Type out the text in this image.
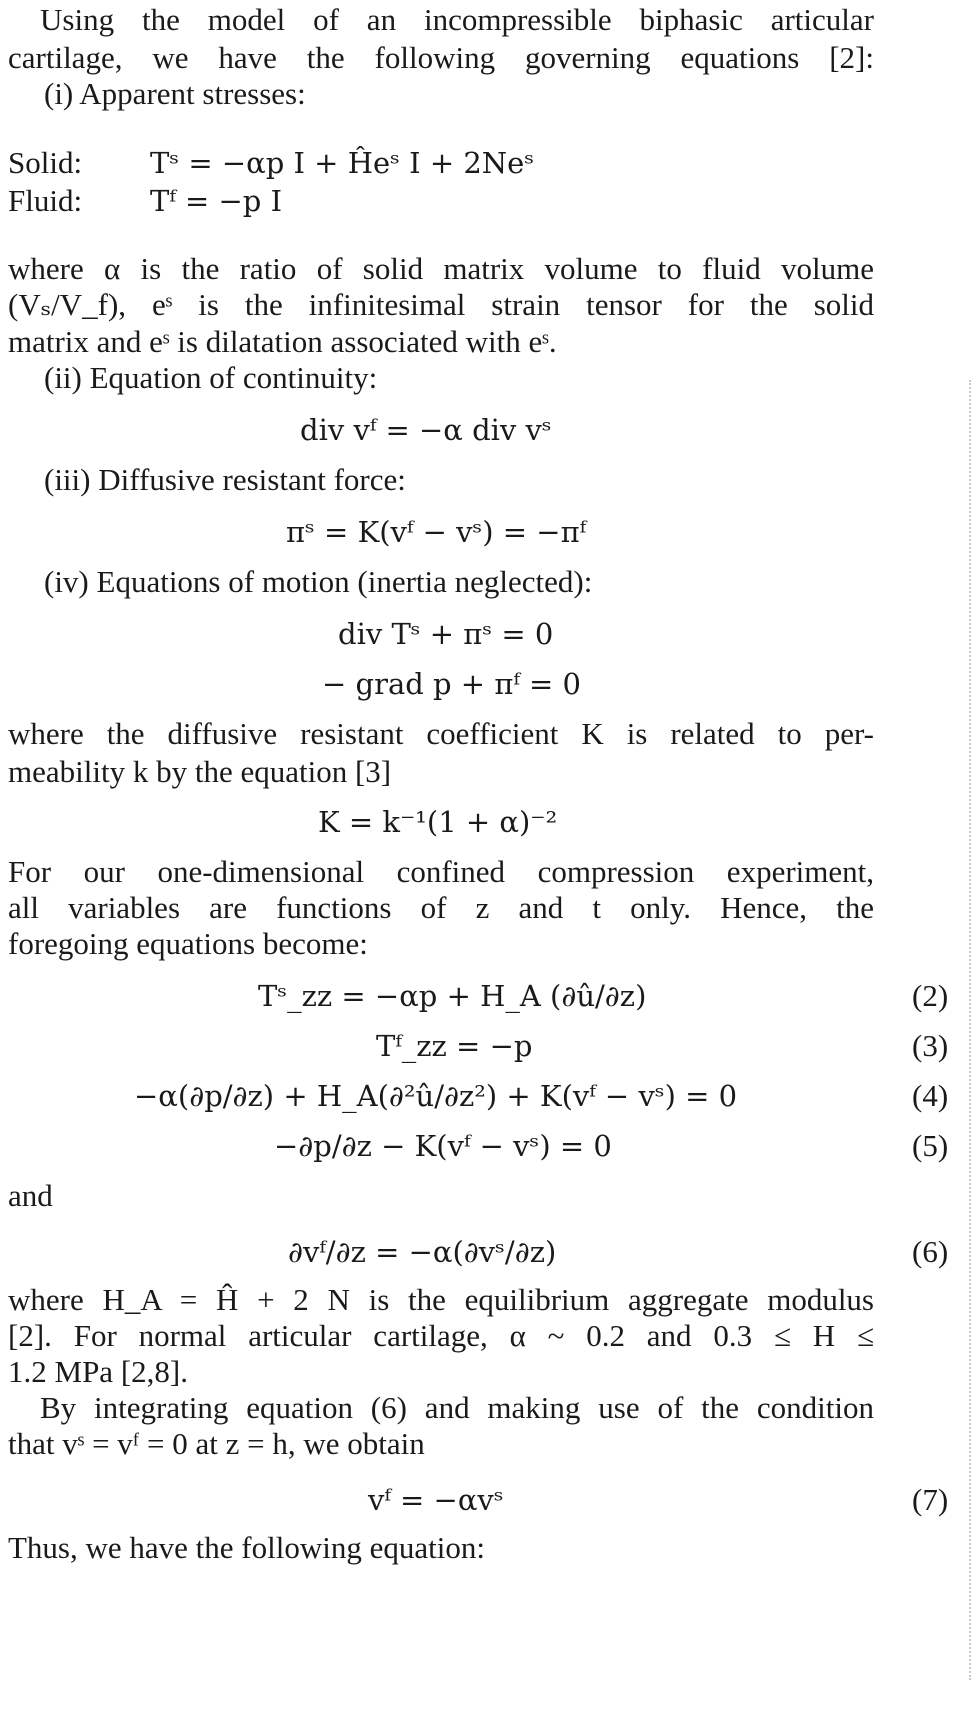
Using the model of an incompressible biphasic articular
cartilage, we have the following governing equations [2]:
(i) Apparent stresses:
Solid: Tˢ = −αp I + Ĥeˢ I + 2Neˢ
Fluid: Tᶠ = −p I
where α is the ratio of solid matrix volume to fluid volume
(Vₛ/V_f), eˢ is the infinitesimal strain tensor for the solid
matrix and eˢ is dilatation associated with eˢ.
(ii) Equation of continuity:
div vᶠ = −α div vˢ
(iii) Diffusive resistant force:
πˢ = K(vᶠ − vˢ) = −πᶠ
(iv) Equations of motion (inertia neglected):
div Tˢ + πˢ = 0
− grad p + πᶠ = 0
where the diffusive resistant coefficient K is related to per-
meability k by the equation [3]
K = k⁻¹(1 + α)⁻²
For our one-dimensional confined compression experiment,
all variables are functions of z and t only. Hence, the
foregoing equations become:
Tˢ_zz = −αp + H_A (∂û/∂z)	(2)
Tᶠ_zz = −p	(3)
−α(∂p/∂z) + H_A(∂²û/∂z²) + K(vᶠ − vˢ) = 0	(4)
−∂p/∂z − K(vᶠ − vˢ) = 0	(5)
and
∂vᶠ/∂z = −α(∂vˢ/∂z)	(6)
where H_A = Ĥ + 2 N is the equilibrium aggregate modulus
[2]. For normal articular cartilage, α ~ 0.2 and 0.3 ≤ H ≤
1.2 MPa [2,8].
By integrating equation (6) and making use of the condition
that vˢ = vᶠ = 0 at z = h, we obtain
vᶠ = −αvˢ	(7)
Thus, we have the following equation:
